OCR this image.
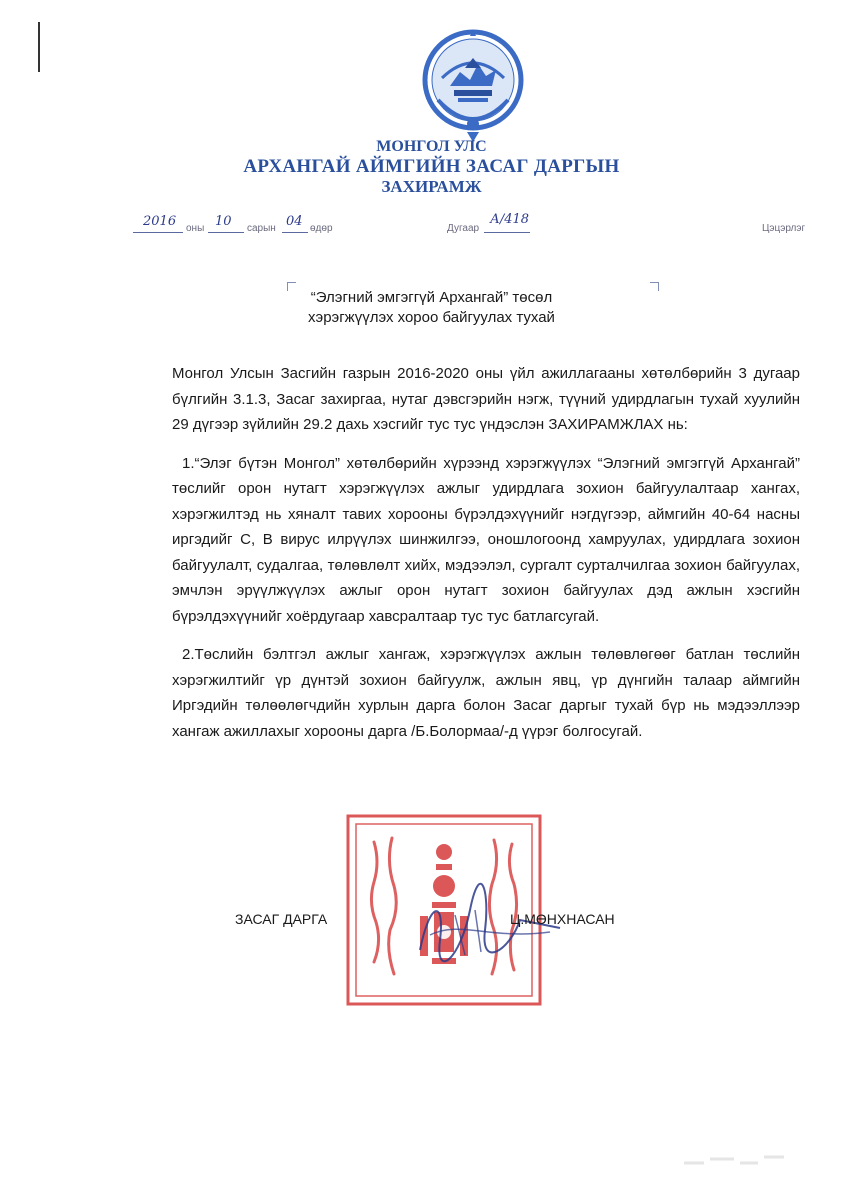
МОНГОЛ УЛС
АРХАНГАЙ АЙМГИЙН ЗАСАГ ДАРГЫН
ЗАХИРАМЖ
2016 оны 10 сарын 04 өдөр	Дугаар
А/418
Цэцэрлэг
“Элэгний эмгэггүй Архангай” төсөл
хэрэгжүүлэх хороо байгуулах тухай

Монгол Улсын Засгийн газрын 2016-2020 оны үйл ажиллагааны хөтөлбөрийн 3 дугаар бүлгийн 3.1.3, Засаг захиргаа, нутаг дэвсгэрийн нэгж, түүний удирдлагын тухай хуулийн 29 дүгээр зүйлийн 29.2 дахь хэсгийг тус тус үндэслэн ЗАХИРАМЖЛАХ нь:

1.“Элэг бүтэн Монгол” хөтөлбөрийн хүрээнд хэрэгжүүлэх “Элэгний эмгэггүй Архангай” төслийг орон нутагт хэрэгжүүлэх ажлыг удирдлага зохион байгуулалтаар хангах, хэрэгжилтэд нь хяналт тавих хорооны бүрэлдэхүүнийг нэгдүгээр, аймгийн 40-64 насны иргэдийг С, В вирус илрүүлэх шинжилгээ, оношлогоонд хамруулах, удирдлага зохион байгуулалт, судалгаа, төлөвлөлт хийх, мэдээлэл, сургалт сурталчилгаа зохион байгуулах, эмчлэн эрүүлжүүлэх ажлыг орон нутагт зохион байгуулах дэд ажлын хэсгийн бүрэлдэхүүнийг хоёрдугаар хавсралтаар тус тус батлагсугай.

2.Төслийн бэлтгэл ажлыг хангаж, хэрэгжүүлэх ажлын төлөвлөгөөг батлан төслийн хэрэгжилтийг үр дүнтэй зохион байгуулж, ажлын явц, үр дүнгийн талаар аймгийн Иргэдийн төлөөлөгчдийн хурлын дарга болон Засаг даргыг тухай бүр нь мэдээллээр хангаж ажиллахыг хорооны дарга /Б.Болормаа/-д үүрэг болгосугай.

ЗАСАГ ДАРГА	Ц.МӨНХНАСАН
